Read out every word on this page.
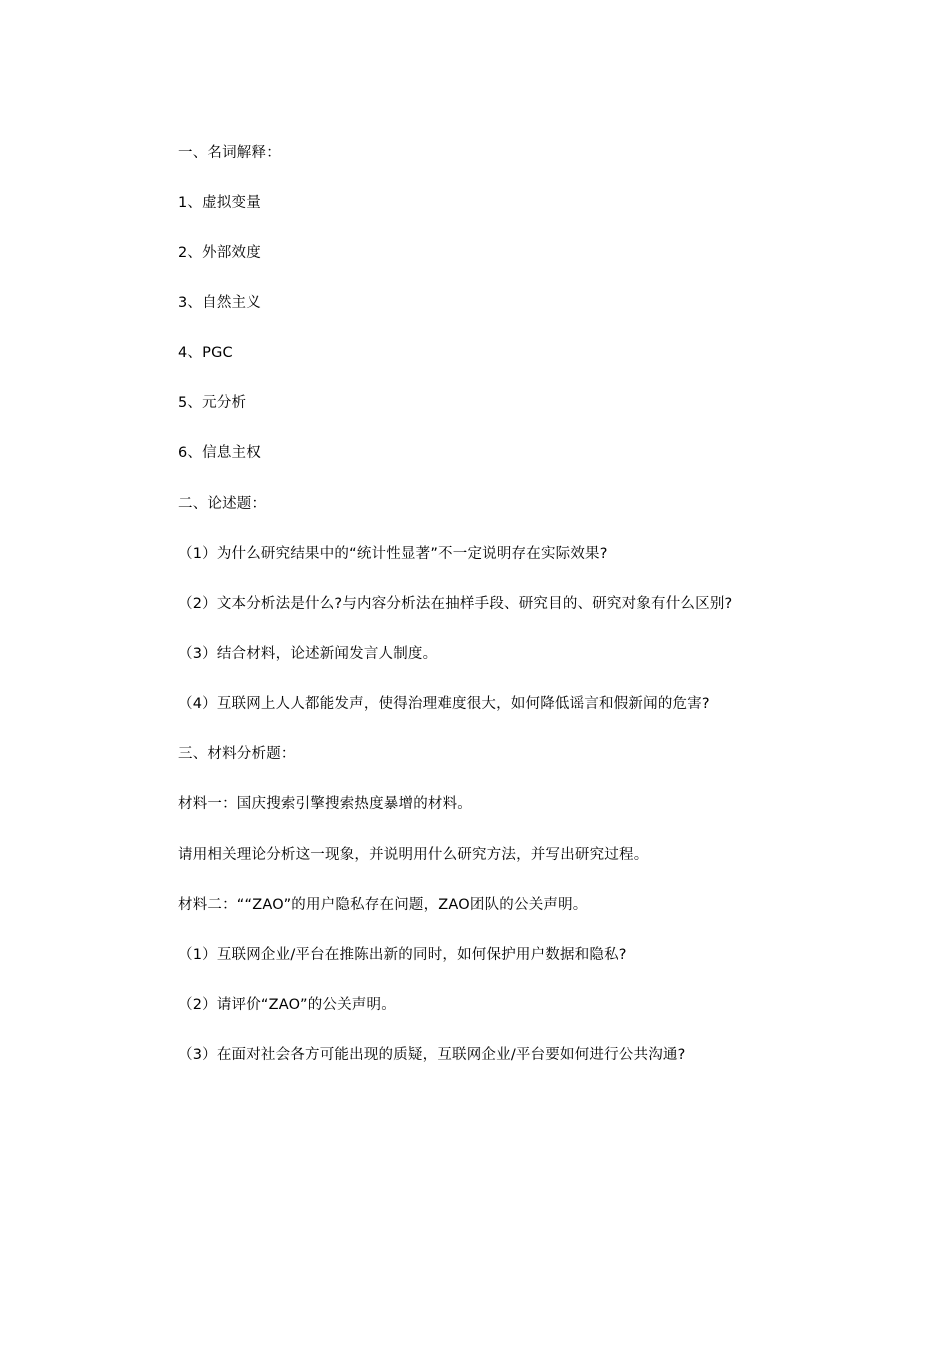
一、名词解释：
1、虚拟变量
2、外部效度
3、自然主义
4、PGC
5、元分析
6、信息主权
二、论述题：
（1）为什么研究结果中的“统计性显著”不一定说明存在实际效果?
（2）文本分析法是什么?与内容分析法在抽样手段、研究目的、研究对象有什么区别?
（3）结合材料，论述新闻发言人制度。
（4）互联网上人人都能发声，使得治理难度很大，如何降低谣言和假新闻的危害?
三、材料分析题：
材料一：国庆搜索引擎搜索热度暴增的材料。
请用相关理论分析这一现象，并说明用什么研究方法，并写出研究过程。
材料二：““ZAO”的用户隐私存在问题，ZAO团队的公关声明。
（1）互联网企业/平台在推陈出新的同时，如何保护用户数据和隐私?
（2）请评价“ZAO”的公关声明。
（3）在面对社会各方可能出现的质疑，互联网企业/平台要如何进行公共沟通?
